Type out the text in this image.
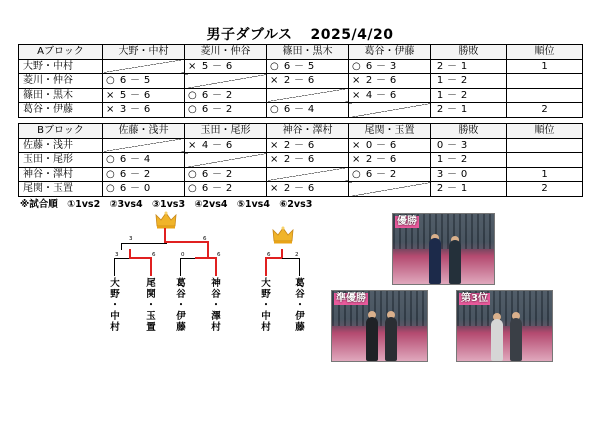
男子ダブルス 2025/4/20
Aブロック	大野・中村	菱川・仲谷	篠田・黒木	葛谷・伊藤	勝敗	順位
大野・中村		× 5 － 6	○ 6 － 5	○ 6 － 3	2 － 1	1
菱川・仲谷	○ 6 － 5		× 2 － 6	× 2 － 6	1 － 2	
篠田・黒木	× 5 － 6	○ 6 － 2		× 4 － 6	1 － 2	
葛谷・伊藤	× 3 － 6	○ 6 － 2	○ 6 － 4		2 － 1	2
Bブロック	佐藤・浅井	玉田・尾形	神谷・澤村	尾関・玉置	勝敗	順位
佐藤・浅井		× 4 － 6	× 2 － 6	× 0 － 6	0 － 3	
玉田・尾形	○ 6 － 4		× 2 － 6	× 2 － 6	1 － 2	
神谷・澤村	○ 6 － 2	○ 6 － 2		○ 6 － 2	3 － 0	1
尾関・玉置	○ 6 － 0	○ 6 － 2	× 2 － 6		2 － 1	2
※試合順 ①1vs2 ②3vs4 ③1vs3 ④2vs4 ⑤1vs4 ⑥2vs3
3	6
3	6	0	6
大
野
・
中
村
尾
関
・
玉
置
葛
谷
・
伊
藤
神
谷
・
澤
村
6	2
大
野
・
中
村
葛
谷
・
伊
藤
優勝
準優勝	第3位
